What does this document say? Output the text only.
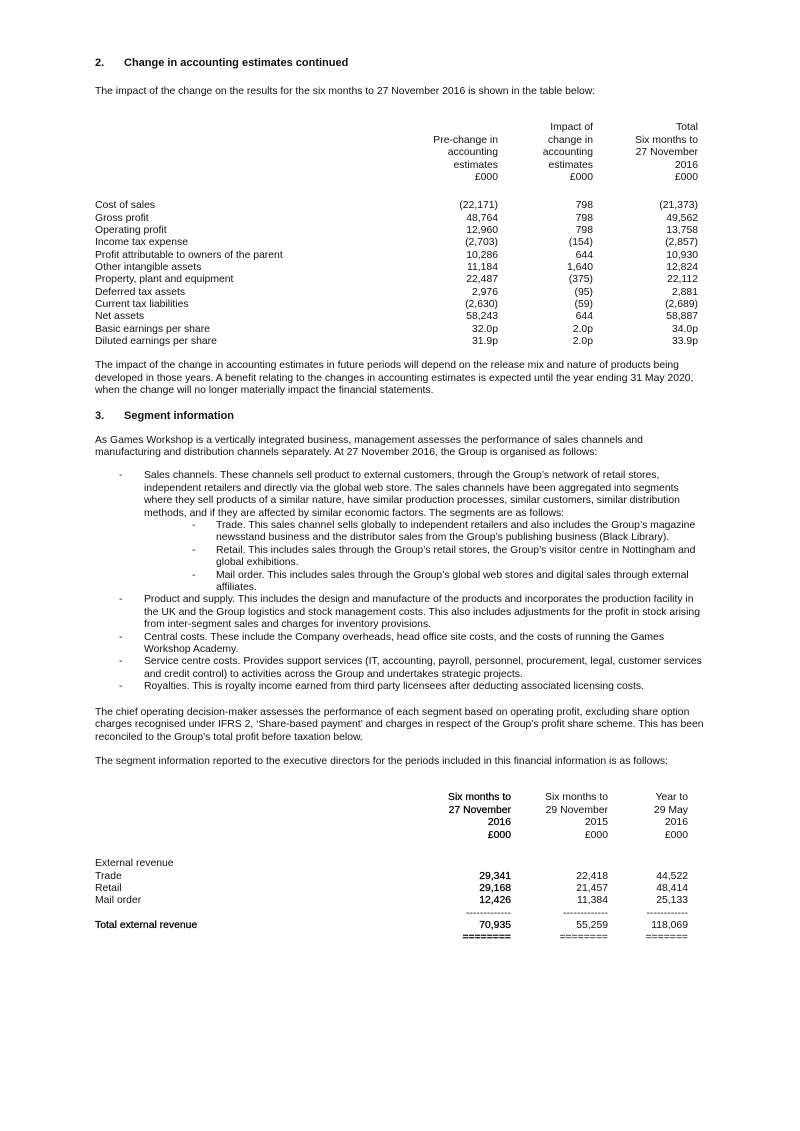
2. Change in accounting estimates continued

The impact of the change on the results for the six months to 27 November 2016 is shown in the table below:

Pre-change in
accounting
estimates
£000
Impact of
change in
accounting
estimates
£000
Total
Six months to
27 November
2016
£000
Cost of sales	(22,171)	798	(21,373)
Gross profit	48,764	798	49,562
Operating profit	12,960	798	13,758
Income tax expense	(2,703)	(154)	(2,857)
Profit attributable to owners of the parent	10,286	644	10,930
Other intangible assets	11,184	1,640	12,824
Property, plant and equipment	22,487	(375)	22,112
Deferred tax assets	2,976	(95)	2,881
Current tax liabilities	(2,630)	(59)	(2,689)
Net assets	58,243	644	58,887
Basic earnings per share	32.0p	2.0p	34.0p
Diluted earnings per share	31.9p	2.0p	33.9p

The impact of the change in accounting estimates in future periods will depend on the release mix and nature of products being developed in those years. A benefit relating to the changes in accounting estimates is expected until the year ending 31 May 2020, when the change will no longer materially impact the financial statements.

3. Segment information

As Games Workshop is a vertically integrated business, management assesses the performance of sales channels and manufacturing and distribution channels separately. At 27 November 2016, the Group is organised as follows:

- Sales channels. These channels sell product to external customers, through the Group’s network of retail stores, independent retailers and directly via the global web store. The sales channels have been aggregated into segments where they sell products of a similar nature, have similar production processes, similar customers, similar distribution methods, and if they are affected by similar economic factors. The segments are as follows:
- Trade. This sales channel sells globally to independent retailers and also includes the Group’s magazine newsstand business and the distributor sales from the Group’s publishing business (Black Library).
- Retail. This includes sales through the Group’s retail stores, the Group’s visitor centre in Nottingham and global exhibitions.
- Mail order. This includes sales through the Group’s global web stores and digital sales through external affiliates.
- Product and supply. This includes the design and manufacture of the products and incorporates the production facility in the UK and the Group logistics and stock management costs. This also includes adjustments for the profit in stock arising from inter-segment sales and charges for inventory provisions.
- Central costs. These include the Company overheads, head office site costs, and the costs of running the Games Workshop Academy.
- Service centre costs. Provides support services (IT, accounting, payroll, personnel, procurement, legal, customer services and credit control) to activities across the Group and undertakes strategic projects.
- Royalties. This is royalty income earned from third party licensees after deducting associated licensing costs.

The chief operating decision-maker assesses the performance of each segment based on operating profit, excluding share option charges recognised under IFRS 2, ‘Share-based payment’ and charges in respect of the Group’s profit share scheme. This has been reconciled to the Group’s total profit before taxation below.

The segment information reported to the executive directors for the periods included in this financial information is as follows:

Six months to
27 November
2016
£000
Six months to
29 November
2015
£000
Year to
29 May
2016
£000
External revenue
Trade	29,341	22,418	44,522
Retail	29,168	21,457	48,414
Mail order	12,426	11,384	25,133
-------------	-------------	------------
Total external revenue	70,935	55,259	118,069
========	========	=======
